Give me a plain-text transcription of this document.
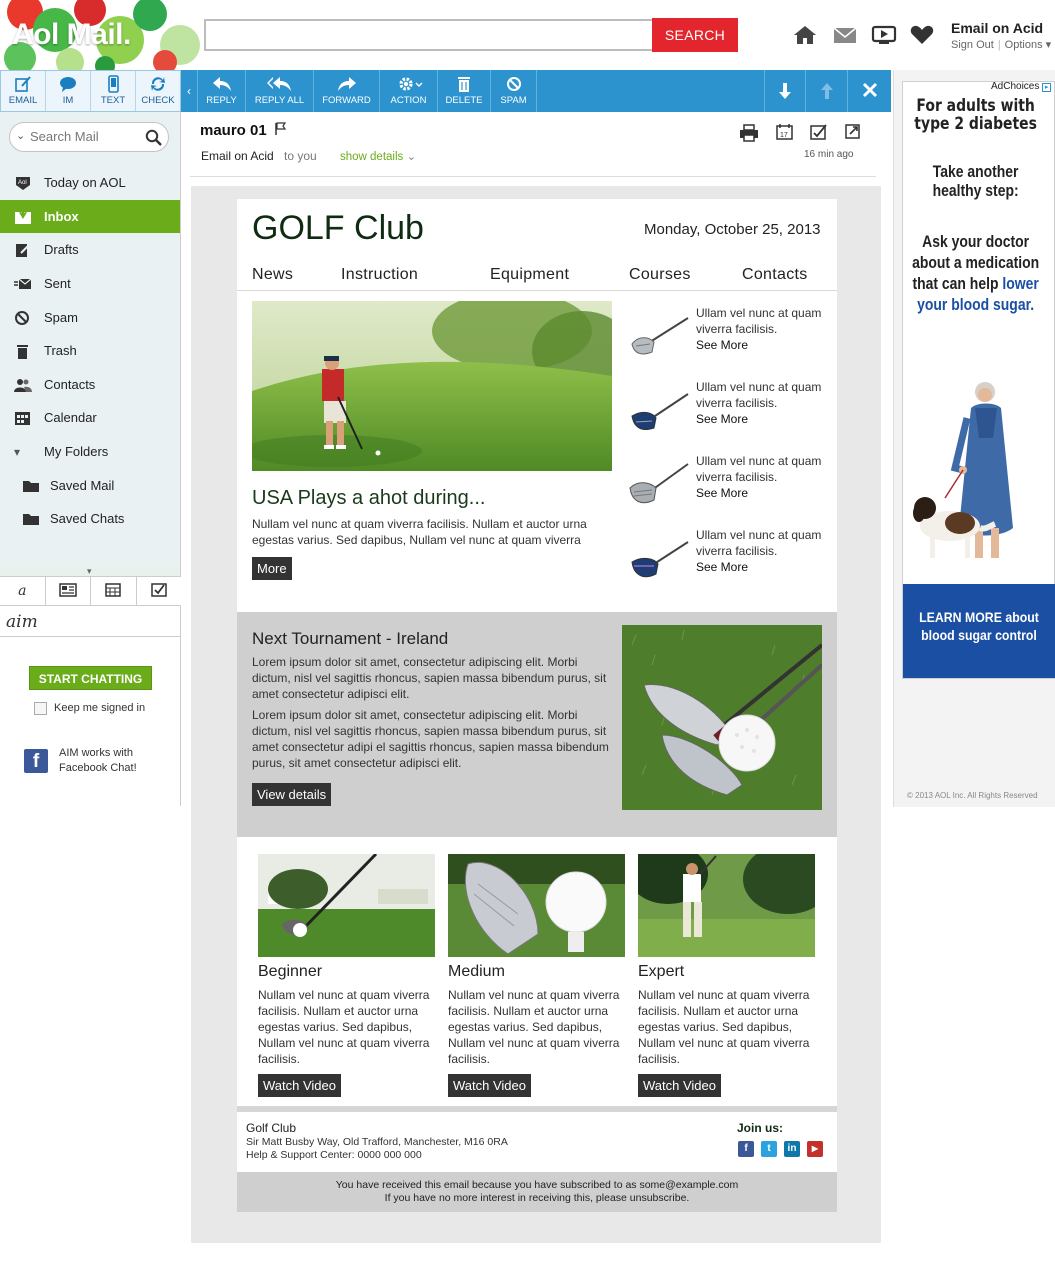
Aol Mail.	SEARCH	Email on Acid
Sign Out | Options ▾
EMAIL	IM	TEXT	CHECK
⌄ Search Mail
Aol Today on AOL
Inbox
Drafts
Sent
Spam
Trash
Contacts
Calendar
▾	My Folders
Saved Mail
Saved Chats
▾
a
aim
START CHATTING
Keep me signed in
f	AIM works with Facebook Chat!
‹
REPLY	REPLY ALL	FORWARD	ACTION	DELETE	SPAM
mauro 01
Email on Acid to you show details ⌄
17
16 min ago
GOLF Club	Monday, October 25, 2013
News	Instruction	Equipment	Courses	Contacts
USA Plays a ahot during...
Nullam vel nunc at quam viverra facilisis. Nullam et auctor urna egestas varius. Sed dapibus, Nullam vel nunc at quam viverra
More
Ullam vel nunc at quam viverra facilisis.
See More
Ullam vel nunc at quam viverra facilisis.
See More
Ullam vel nunc at quam viverra facilisis.
See More
Ullam vel nunc at quam viverra facilisis.
See More
Next Tournament - Ireland
Lorem ipsum dolor sit amet, consectetur adipiscing elit. Morbi dictum, nisl vel sagittis rhoncus, sapien massa bibendum purus, sit amet consectetur adipisci elit.
Lorem ipsum dolor sit amet, consectetur adipiscing elit. Morbi dictum, nisl vel sagittis rhoncus, sapien massa bibendum purus, sit amet consectetur adipi el sagittis rhoncus, sapien massa bibendum purus, sit amet consectetur adipisci elit.
View details
Beginner	Medium	Expert
Nullam vel nunc at quam viverra facilisis. Nullam et auctor urna egestas varius. Sed dapibus, Nullam vel nunc at quam viverra facilisis.
Nullam vel nunc at quam viverra facilisis. Nullam et auctor urna egestas varius. Sed dapibus, Nullam vel nunc at quam viverra facilisis.
Nullam vel nunc at quam viverra facilisis. Nullam et auctor urna egestas varius. Sed dapibus, Nullam vel nunc at quam viverra facilisis.
Watch Video	Watch Video	Watch Video
Golf Club
Sir Matt Busby Way, Old Trafford, Manchester, M16 0RA
Help & Support Center: 0000 000 000
Join us:
f	t	in	▶
You have received this email because you have subscribed to as some@example.com
If you have no more interest in receiving this, please unsubscribe.
AdChoices ▸
For adults with type 2 diabetes
Take another healthy step:
Ask your doctor about a medication that can help lower your blood sugar.
LEARN MORE about blood sugar control
© 2013 AOL Inc. All Rights Reserved
